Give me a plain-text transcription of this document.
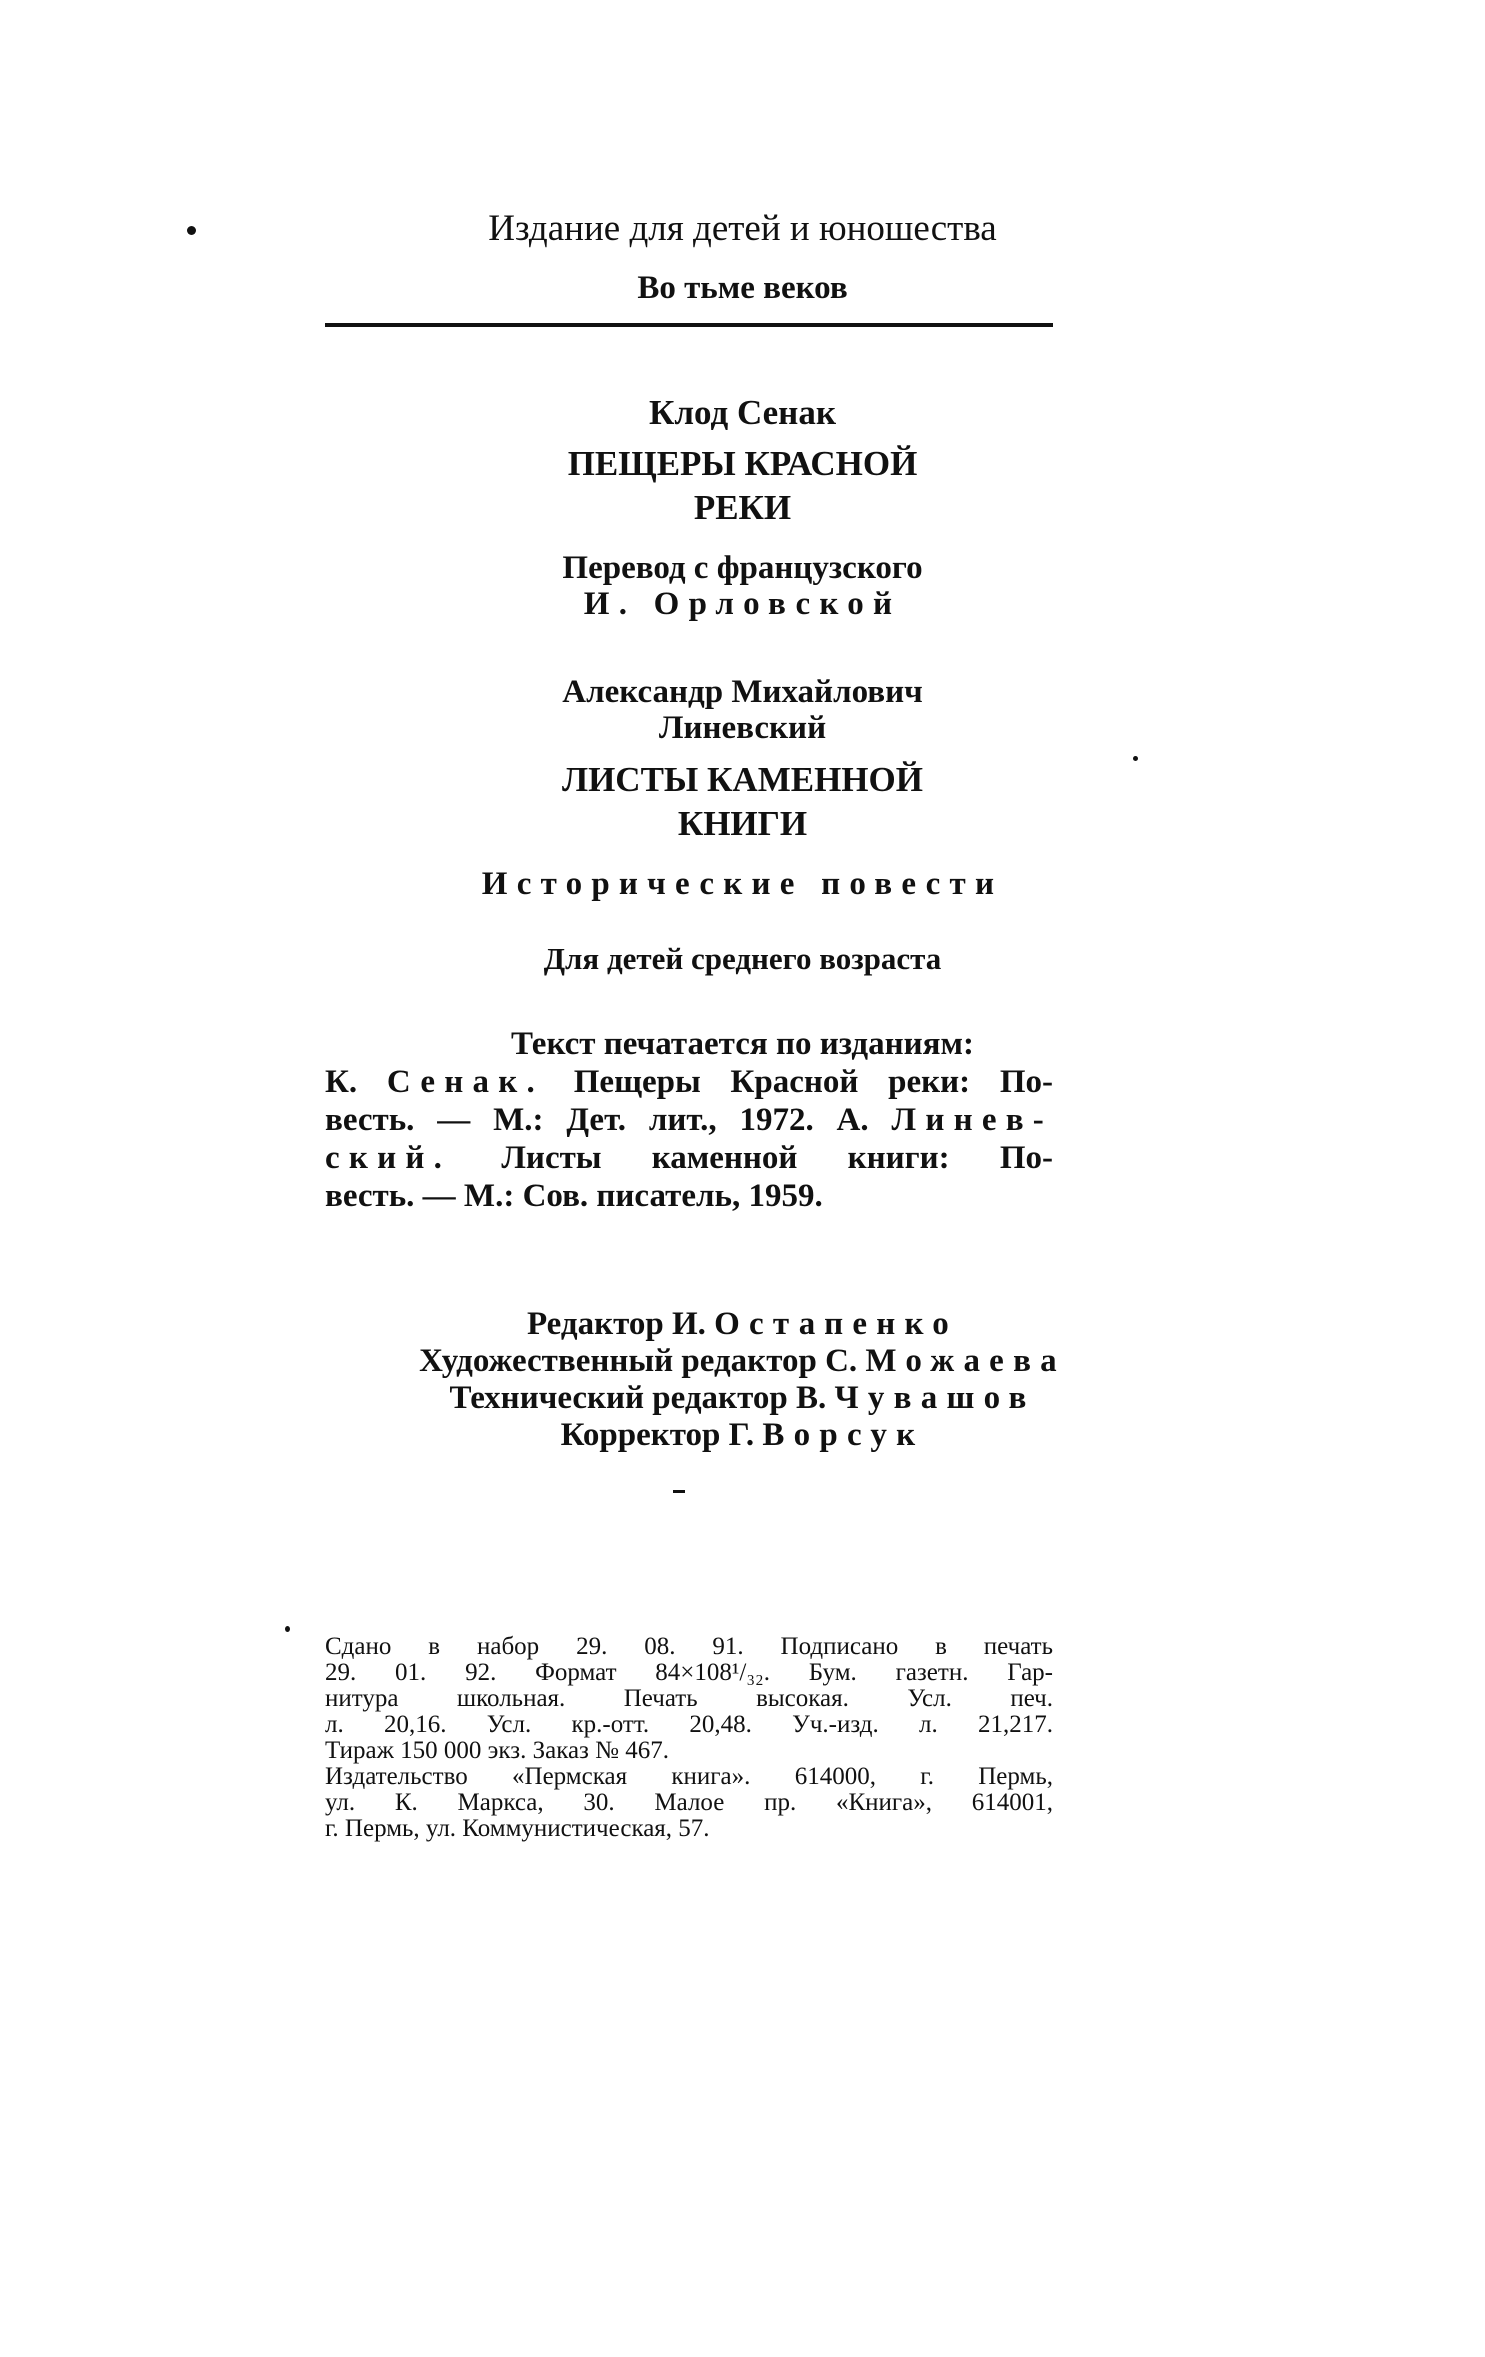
Издание для детей и юношества
Во тьме веков
Клод Сенак
ПЕЩЕРЫ КРАСНОЙ
РЕКИ
Перевод с французского
И. Орловской
Александр Михайлович
Линевский
ЛИСТЫ КАМЕННОЙ
КНИГИ
Исторические повести
Для детей среднего возраста
Текст печатается по изданиям:
К. Сенак. Пещеры Красной реки: По-
весть. — М.: Дет. лит., 1972. А. Линев-
ский. Листы каменной книги: По-
весть. — М.: Сов. писатель, 1959.
Редактор И. Остапенко
Художественный редактор С. Можаева
Технический редактор В. Чувашов
Корректор Г. Ворсук
Сдано в набор 29. 08. 91. Подписано в печать
29. 01. 92. Формат 84×108¹/₃₂. Бум. газетн. Гар-
нитура школьная. Печать высокая. Усл. печ.
л. 20,16. Усл. кр.-отт. 20,48. Уч.-изд. л. 21,217.
Тираж 150 000 экз. Заказ № 467.
Издательство «Пермская книга». 614000, г. Пермь,
ул. К. Маркса, 30. Малое пр. «Книга», 614001,
г. Пермь, ул. Коммунистическая, 57.
